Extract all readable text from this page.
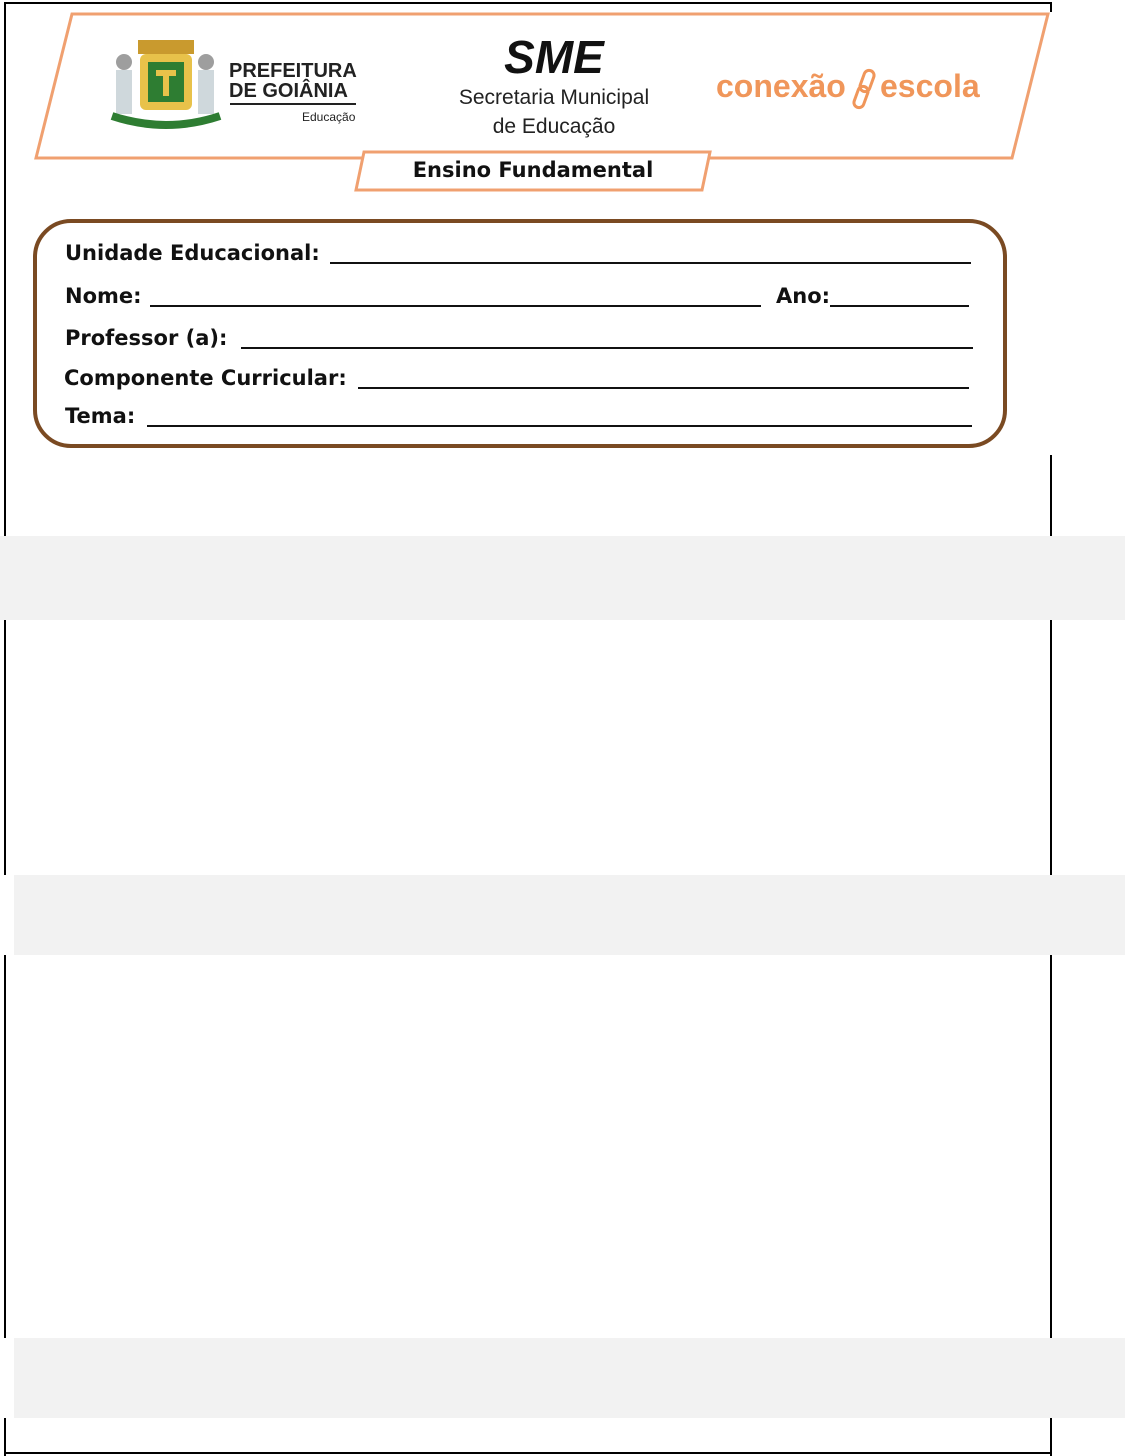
PREFEITURA
DE GOIÂNIA
Educação
SME
Secretaria Municipal
de Educação
conexão escola
Ensino Fundamental
Unidade Educacional:
Nome:	Ano:
Professor (a):
Componente Curricular:
Tema:
